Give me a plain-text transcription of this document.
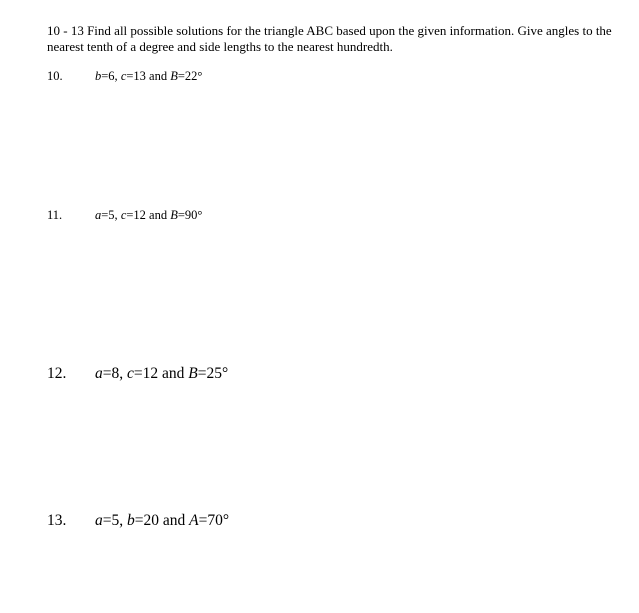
10 - 13 Find all possible solutions for the triangle ABC based upon the given information. Give angles to the nearest tenth of a degree and side lengths to the nearest hundredth.
10.	b=6, c=13 and B=22°
11.	a=5, c=12 and B=90°
12. a=8, c=12 and B=25°
13. a=5, b=20 and A=70°
